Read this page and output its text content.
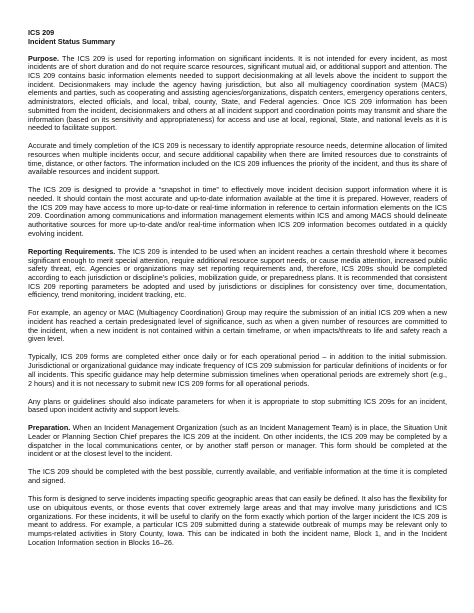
ICS 209
Incident Status Summary
Purpose. The ICS 209 is used for reporting information on significant incidents. It is not intended for every incident, as most incidents are of short duration and do not require scarce resources, significant mutual aid, or additional support and attention. The ICS 209 contains basic information elements needed to support decisionmaking at all levels above the incident to support the incident. Decisionmakers may include the agency having jurisdiction, but also all multiagency coordination system (MACS) elements and parties, such as cooperating and assisting agencies/organizations, dispatch centers, emergency operations centers, administrators, elected officials, and local, tribal, county, State, and Federal agencies. Once ICS 209 information has been submitted from the incident, decisionmakers and others at all incident support and coordination points may transmit and share the information (based on its sensitivity and appropriateness) for access and use at local, regional, State, and national levels as it is needed to facilitate support.
Accurate and timely completion of the ICS 209 is necessary to identify appropriate resource needs, determine allocation of limited resources when multiple incidents occur, and secure additional capability when there are limited resources due to constraints of time, distance, or other factors. The information included on the ICS 209 influences the priority of the incident, and thus its share of available resources and incident support.
The ICS 209 is designed to provide a “snapshot in time” to effectively move incident decision support information where it is needed. It should contain the most accurate and up-to-date information available at the time it is prepared. However, readers of the ICS 209 may have access to more up-to-date or real-time information in reference to certain information elements on the ICS 209. Coordination among communications and information management elements within ICS and among MACS should delineate authoritative sources for more up-to-date and/or real-time information when ICS 209 information becomes outdated in a quickly evolving incident.
Reporting Requirements. The ICS 209 is intended to be used when an incident reaches a certain threshold where it becomes significant enough to merit special attention, require additional resource support needs, or cause media attention, increased public safety threat, etc. Agencies or organizations may set reporting requirements and, therefore, ICS 209s should be completed according to each jurisdiction or discipline’s policies, mobilization guide, or preparedness plans. It is recommended that consistent ICS 209 reporting parameters be adopted and used by jurisdictions or disciplines for consistency over time, documentation, efficiency, trend monitoring, incident tracking, etc.
For example, an agency or MAC (Multiagency Coordination) Group may require the submission of an initial ICS 209 when a new incident has reached a certain predesignated level of significance, such as when a given number of resources are committed to the incident, when a new incident is not contained within a certain timeframe, or when impacts/threats to life and safety reach a given level.
Typically, ICS 209 forms are completed either once daily or for each operational period – in addition to the initial submission. Jurisdictional or organizational guidance may indicate frequency of ICS 209 submission for particular definitions of incidents or for all incidents. This specific guidance may help determine submission timelines when operational periods are extremely short (e.g., 2 hours) and it is not necessary to submit new ICS 209 forms for all operational periods.
Any plans or guidelines should also indicate parameters for when it is appropriate to stop submitting ICS 209s for an incident, based upon incident activity and support levels.
Preparation. When an Incident Management Organization (such as an Incident Management Team) is in place, the Situation Unit Leader or Planning Section Chief prepares the ICS 209 at the incident. On other incidents, the ICS 209 may be completed by a dispatcher in the local communications center, or by another staff person or manager. This form should be completed at the incident or at the closest level to the incident.
The ICS 209 should be completed with the best possible, currently available, and verifiable information at the time it is completed and signed.
This form is designed to serve incidents impacting specific geographic areas that can easily be defined. It also has the flexibility for use on ubiquitous events, or those events that cover extremely large areas and that may involve many jurisdictions and ICS organizations. For these incidents, it will be useful to clarify on the form exactly which portion of the larger incident the ICS 209 is meant to address. For example, a particular ICS 209 submitted during a statewide outbreak of mumps may be relevant only to mumps-related activities in Story County, Iowa. This can be indicated in both the incident name, Block 1, and in the Incident Location Information section in Blocks 16–26.
